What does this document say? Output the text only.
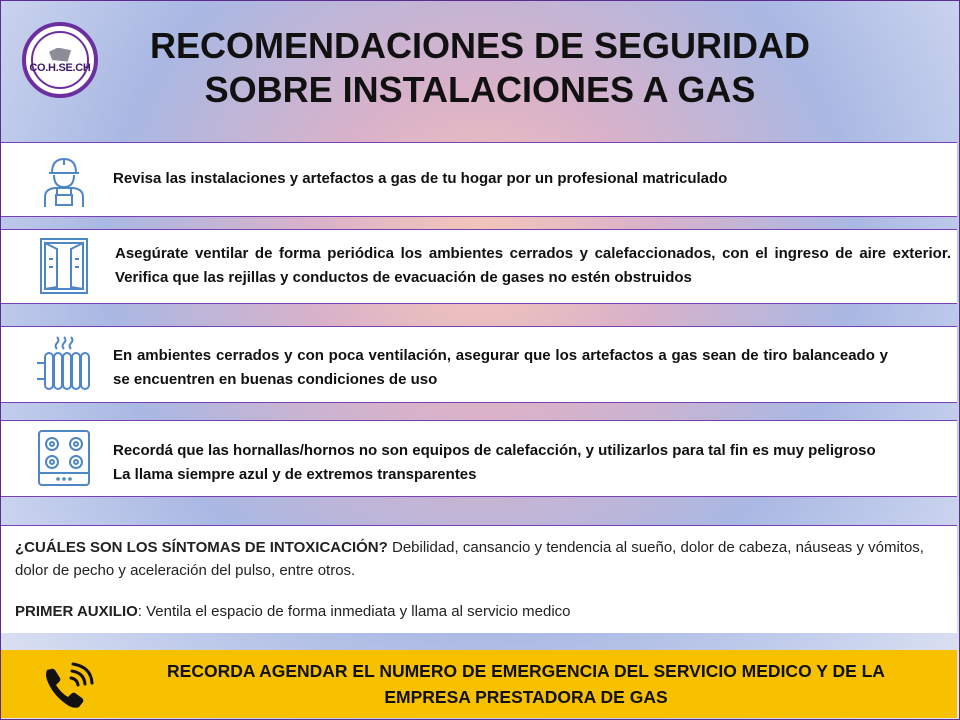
CO.H.SE.CH
RECOMENDACIONES DE SEGURIDAD
SOBRE INSTALACIONES A GAS
Revisa las instalaciones y artefactos a gas de tu hogar por un profesional matriculado
Asegúrate ventilar de forma periódica los ambientes cerrados y calefaccionados, con el ingreso de aire exterior. Verifica que las rejillas y conductos de evacuación de gases no estén obstruidos
En ambientes cerrados y con poca ventilación, asegurar que los artefactos a gas sean de tiro balanceado y se encuentren en buenas condiciones de uso
Recordá que las hornallas/hornos no son equipos de calefacción, y utilizarlos para tal fin es muy peligroso
La llama siempre azul y de extremos transparentes
¿CUÁLES SON LOS SÍNTOMAS DE INTOXICACIÓN? Debilidad, cansancio y tendencia al sueño, dolor de cabeza, náuseas y vómitos, dolor de pecho y aceleración del pulso, entre otros.
PRIMER AUXILIO: Ventila el espacio de forma inmediata y llama al servicio medico
RECORDA AGENDAR EL NUMERO DE EMERGENCIA DEL SERVICIO MEDICO Y DE LA
EMPRESA PRESTADORA DE GAS
